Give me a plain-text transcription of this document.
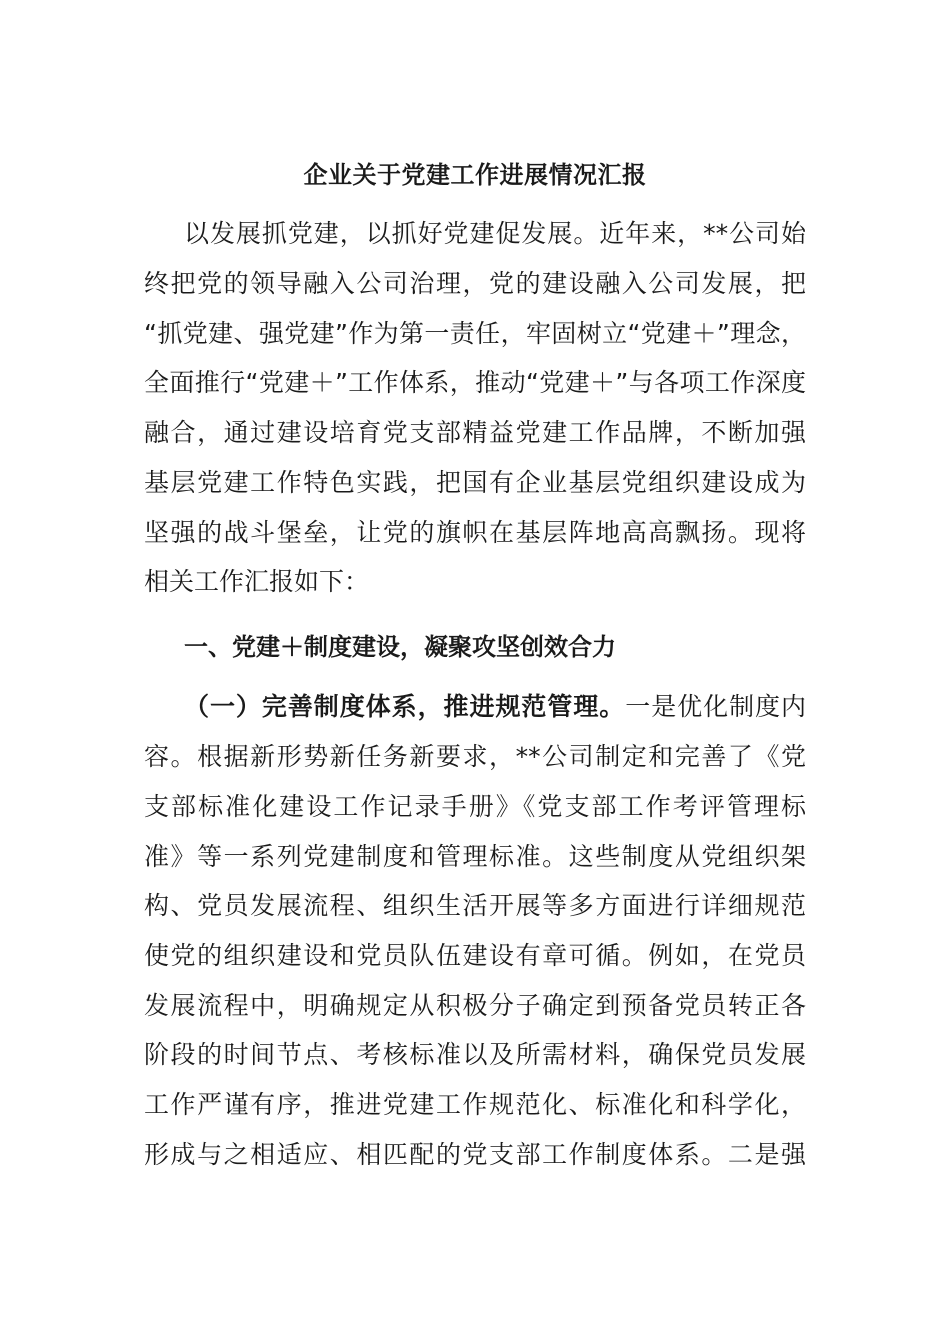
企业关于党建工作进展情况汇报
以发展抓党建，以抓好党建促发展。近年来，**公司始
终把党的领导融入公司治理，党的建设融入公司发展，把
“抓党建、强党建”作为第一责任，牢固树立“党建＋”理念，
全面推行“党建＋”工作体系，推动“党建＋”与各项工作深度
融合，通过建设培育党支部精益党建工作品牌，不断加强
基层党建工作特色实践，把国有企业基层党组织建设成为
坚强的战斗堡垒，让党的旗帜在基层阵地高高飘扬。现将
相关工作汇报如下：
一、党建＋制度建设，凝聚攻坚创效合力
（一）完善制度体系，推进规范管理。一是优化制度内
容。根据新形势新任务新要求，**公司制定和完善了《党
支部标准化建设工作记录手册》《党支部工作考评管理标
准》等一系列党建制度和管理标准。这些制度从党组织架
构、党员发展流程、组织生活开展等多方面进行详细规范
使党的组织建设和党员队伍建设有章可循。例如，在党员
发展流程中，明确规定从积极分子确定到预备党员转正各
阶段的时间节点、考核标准以及所需材料，确保党员发展
工作严谨有序，推进党建工作规范化、标准化和科学化，
形成与之相适应、相匹配的党支部工作制度体系。二是强
